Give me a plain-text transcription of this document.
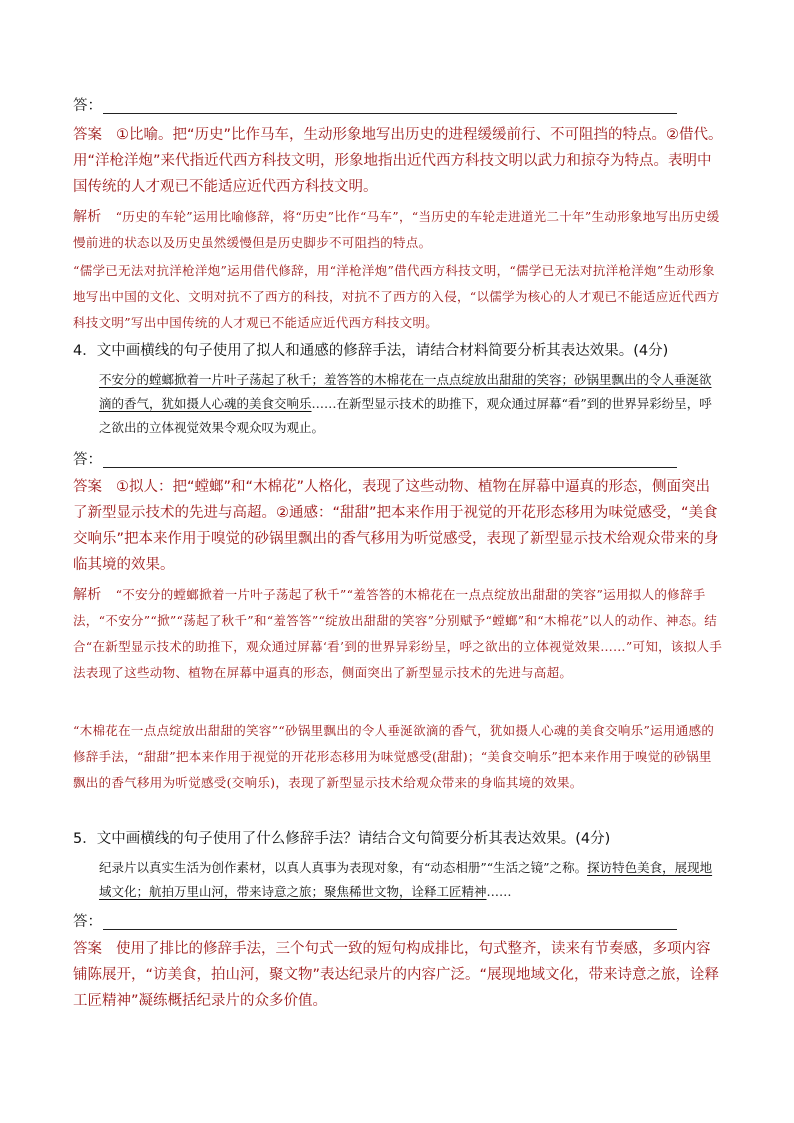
答：
答案 ①比喻。把“历史”比作马车，生动形象地写出历史的进程缓缓前行、不可阻挡的特点。②借代。用“洋枪洋炮”来代指近代西方科技文明，形象地指出近代西方科技文明以武力和掠夺为特点。表明中国传统的人才观已不能适应近代西方科技文明。
解析 “历史的车轮”运用比喻修辞，将“历史”比作“马车”，“当历史的车轮走进道光二十年”生动形象地写出历史缓慢前进的状态以及历史虽然缓慢但是历史脚步不可阻挡的特点。
“儒学已无法对抗洋枪洋炮”运用借代修辞，用“洋枪洋炮”借代西方科技文明，“儒学已无法对抗洋枪洋炮”生动形象地写出中国的文化、文明对抗不了西方的科技，对抗不了西方的入侵，“以儒学为核心的人才观已不能适应近代西方科技文明”写出中国传统的人才观已不能适应近代西方科技文明。
4．文中画横线的句子使用了拟人和通感的修辞手法，请结合材料简要分析其表达效果。(4分)
不安分的螳螂掀着一片叶子荡起了秋千；羞答答的木棉花在一点点绽放出甜甜的笑容；砂锅里飘出的令人垂涎欲滴的香气，犹如摄人心魂的美食交响乐……在新型显示技术的助推下，观众通过屏幕“看”到的世界异彩纷呈，呼之欲出的立体视觉效果令观众叹为观止。
答：
答案 ①拟人：把“螳螂”和“木棉花”人格化，表现了这些动物、植物在屏幕中逼真的形态，侧面突出了新型显示技术的先进与高超。②通感：“甜甜”把本来作用于视觉的开花形态移用为味觉感受，“美食交响乐”把本来作用于嗅觉的砂锅里飘出的香气移用为听觉感受，表现了新型显示技术给观众带来的身临其境的效果。
解析 “不安分的螳螂掀着一片叶子荡起了秋千”“羞答答的木棉花在一点点绽放出甜甜的笑容”运用拟人的修辞手法，“不安分”“掀”“荡起了秋千”和“羞答答”“绽放出甜甜的笑容”分别赋予“螳螂”和“木棉花”以人的动作、神态。结合“在新型显示技术的助推下，观众通过屏幕‘看’到的世界异彩纷呈，呼之欲出的立体视觉效果……”可知，该拟人手法表现了这些动物、植物在屏幕中逼真的形态，侧面突出了新型显示技术的先进与高超。
“木棉花在一点点绽放出甜甜的笑容”“砂锅里飘出的令人垂涎欲滴的香气，犹如摄人心魂的美食交响乐”运用通感的修辞手法，“甜甜”把本来作用于视觉的开花形态移用为味觉感受(甜甜)；“美食交响乐”把本来作用于嗅觉的砂锅里飘出的香气移用为听觉感受(交响乐)，表现了新型显示技术给观众带来的身临其境的效果。
5．文中画横线的句子使用了什么修辞手法？请结合文句简要分析其表达效果。(4分)
纪录片以真实生活为创作素材，以真人真事为表现对象，有“动态相册”“生活之镜”之称。探访特色美食，展现地域文化；航拍万里山河，带来诗意之旅；聚焦稀世文物，诠释工匠精神……
答：
答案 使用了排比的修辞手法，三个句式一致的短句构成排比，句式整齐，读来有节奏感，多项内容铺陈展开，“访美食，拍山河，聚文物”表达纪录片的内容广泛。“展现地域文化，带来诗意之旅，诠释工匠精神”凝练概括纪录片的众多价值。
